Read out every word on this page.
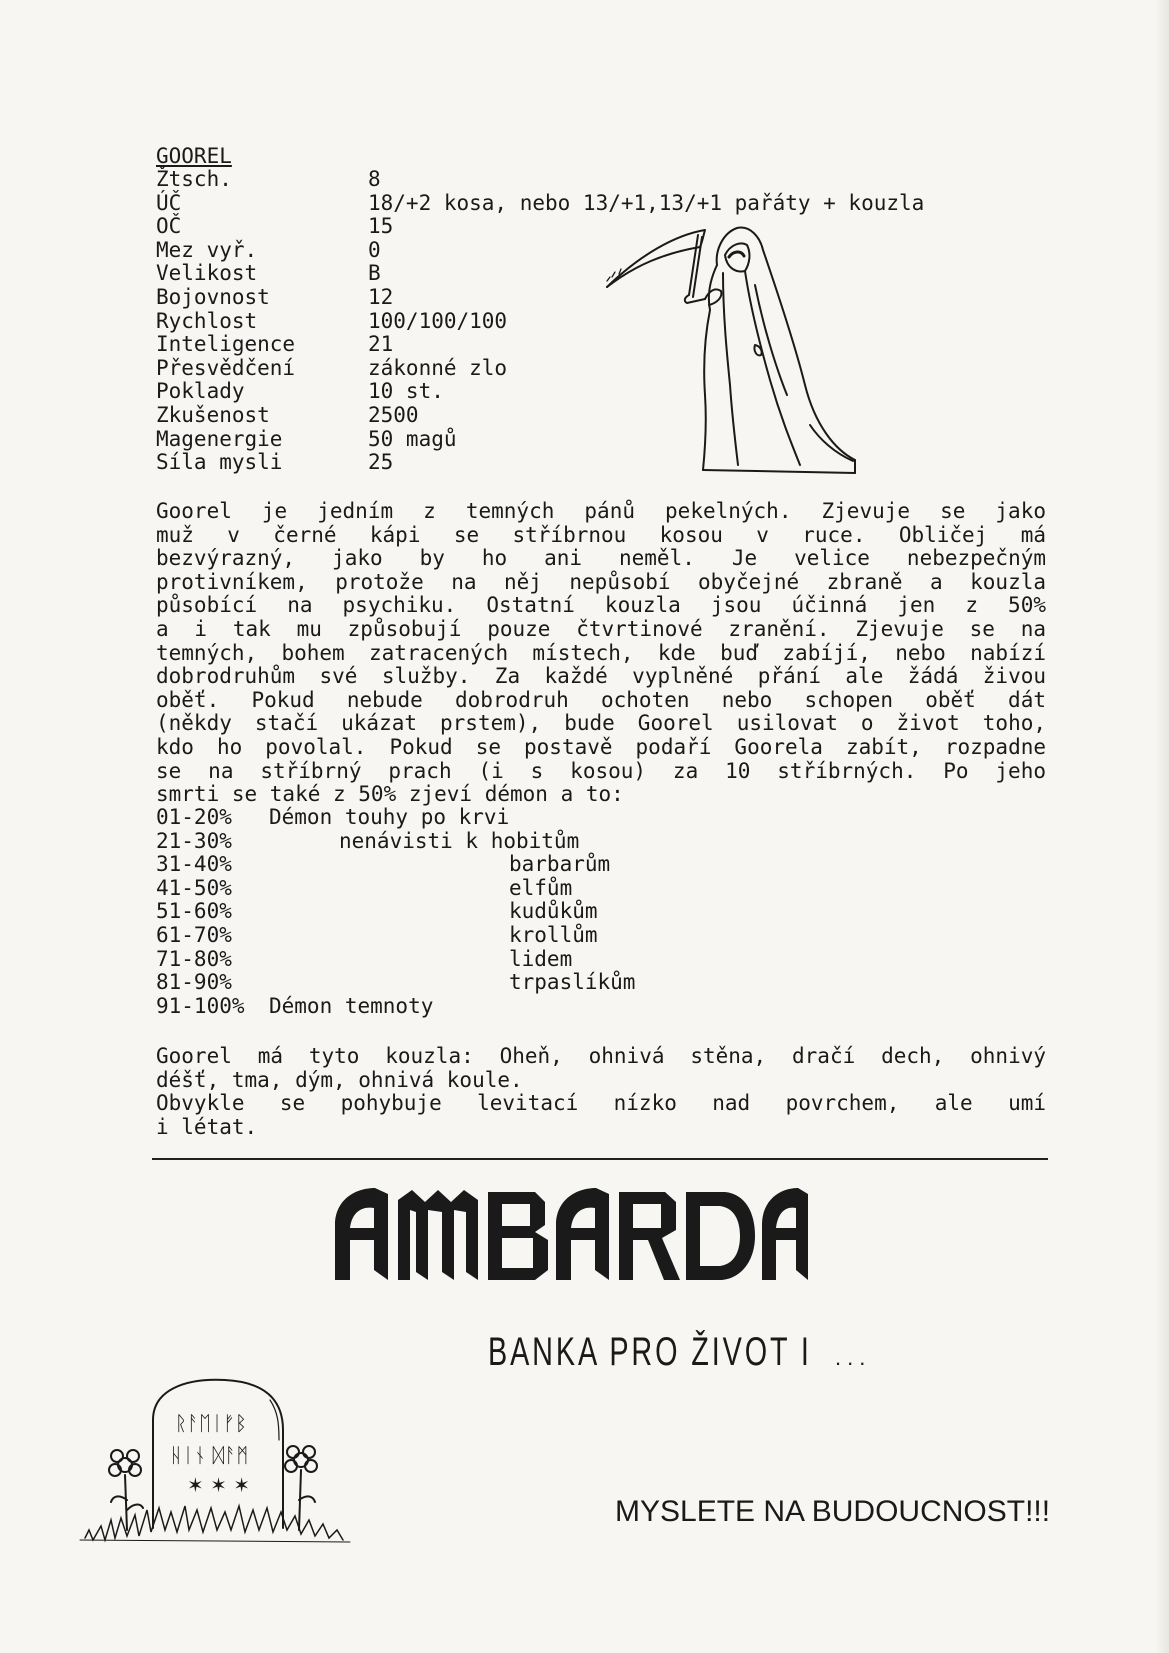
GOOREL
Žtsch.	8
ÚČ	18/+2 kosa, nebo 13/+1,13/+1 pařáty + kouzla
OČ	15
Mez vyř.	0
Velikost	B
Bojovnost	12
Rychlost	100/100/100
Inteligence	21
Přesvědčení	zákonné zlo
Poklady	10 st.
Zkušenost	2500
Magenergie	50 magů
Síla mysli	25
Goorel je jedním z temných pánů pekelných. Zjevuje se jako
muž v černé kápi se stříbrnou kosou v ruce. Obličej má
bezvýrazný, jako by ho ani neměl. Je velice nebezpečným
protivníkem, protože na něj nepůsobí obyčejné zbraně a kouzla
působící na psychiku. Ostatní kouzla jsou účinná jen z 50%
a i tak mu způsobují pouze čtvrtinové zranění. Zjevuje se na
temných, bohem zatracených místech, kde buď zabíjí, nebo nabízí
dobrodruhům své služby. Za každé vyplněné přání ale žádá živou
oběť. Pokud nebude dobrodruh ochoten nebo schopen oběť dát
(někdy stačí ukázat prstem), bude Goorel usilovat o život toho,
kdo ho povolal. Pokud se postavě podaří Goorela zabít, rozpadne
se na stříbrný prach (i s kosou) za 10 stříbrných. Po jeho
smrti se také z 50% zjeví démon a to:
01-20% Démon touhy po krvi
21-30%	nenávisti k hobitům
31-40%	barbarům
41-50%	elfům
51-60%	kudůkům
61-70%	krollům
71-80%	lidem
81-90%	trpaslíkům
91-100% Démon temnoty
Goorel má tyto kouzla: Oheň, ohnivá stěna, dračí dech, ohnivý
déšť, tma, dým, ohnivá koule.
Obvykle se pohybuje levitací nízko nad povrchem, ale umí
i létat.
BANKA PRO ŽIVOT I ...
ᚱᚨᛖᛁᚠᛒ
ᚺᛁᚾ ᛞᚨᛗ
✶ ✶ ✶
MYSLETE NA BUDOUCNOST!!!
